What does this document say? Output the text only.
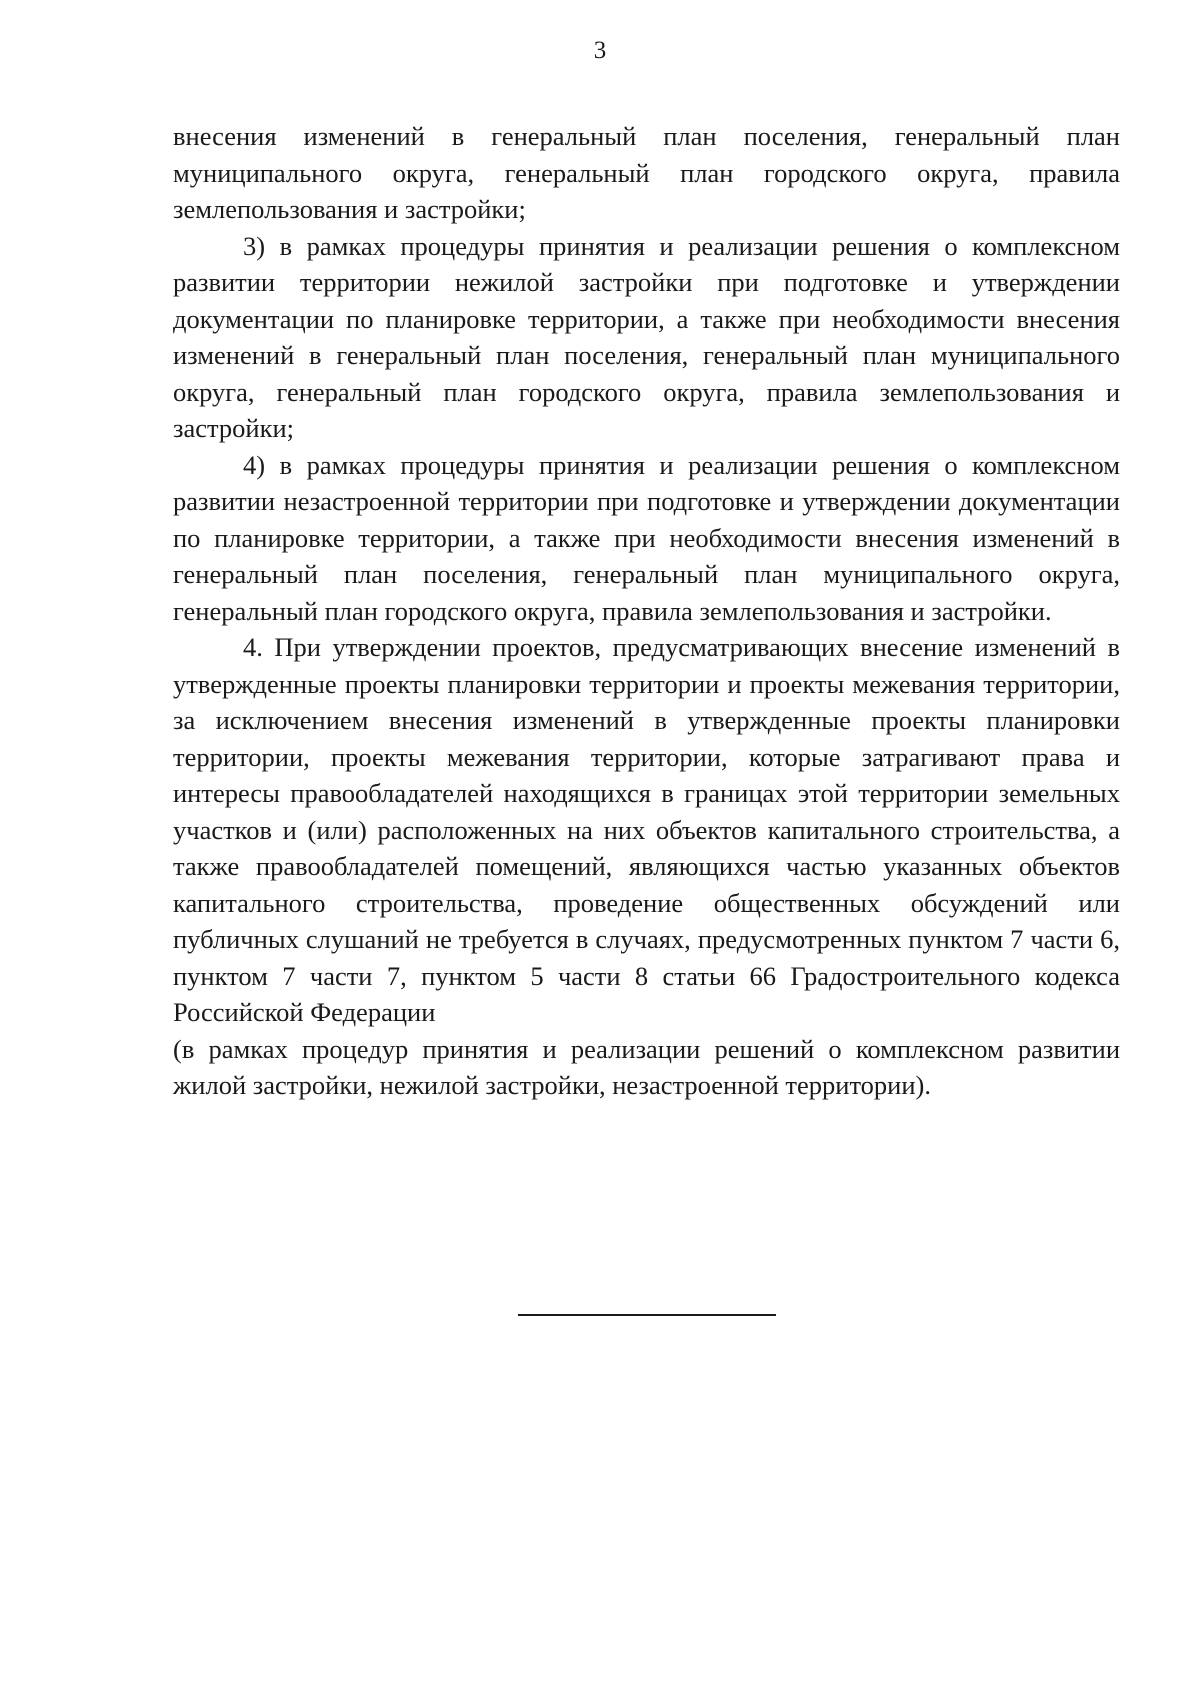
3

внесения изменений в генеральный план поселения, генеральный план муниципального округа, генеральный план городского округа, правила землепользования и застройки;

3) в рамках процедуры принятия и реализации решения о комплексном развитии территории нежилой застройки при подготовке и утверждении документации по планировке территории, а также при необходимости внесения изменений в генеральный план поселения, генеральный план муниципального округа, генеральный план городского округа, правила землепользования и застройки;

4) в рамках процедуры принятия и реализации решения о комплексном развитии незастроенной территории при подготовке и утверждении документации по планировке территории, а также при необходимости внесения изменений в генеральный план поселения, генеральный план муниципального округа, генеральный план городского округа, правила землепользования и застройки.

4. При утверждении проектов, предусматривающих внесение изменений в утвержденные проекты планировки территории и проекты межевания территории, за исключением внесения изменений в утвержденные проекты планировки территории, проекты межевания территории, которые затрагивают права и интересы правообладателей находящихся в границах этой территории земельных участков и (или) расположенных на них объектов капитального строительства, а также правообладателей помещений, являющихся частью указанных объектов капитального строительства, проведение общественных обсуждений или публичных слушаний не требуется в случаях, предусмотренных пунктом 7 части 6, пунктом 7 части 7, пунктом 5 части 8 статьи 66 Градостроительного кодекса Российской Федерации

(в рамках процедур принятия и реализации решений о комплексном развитии жилой застройки, нежилой застройки, незастроенной территории).
